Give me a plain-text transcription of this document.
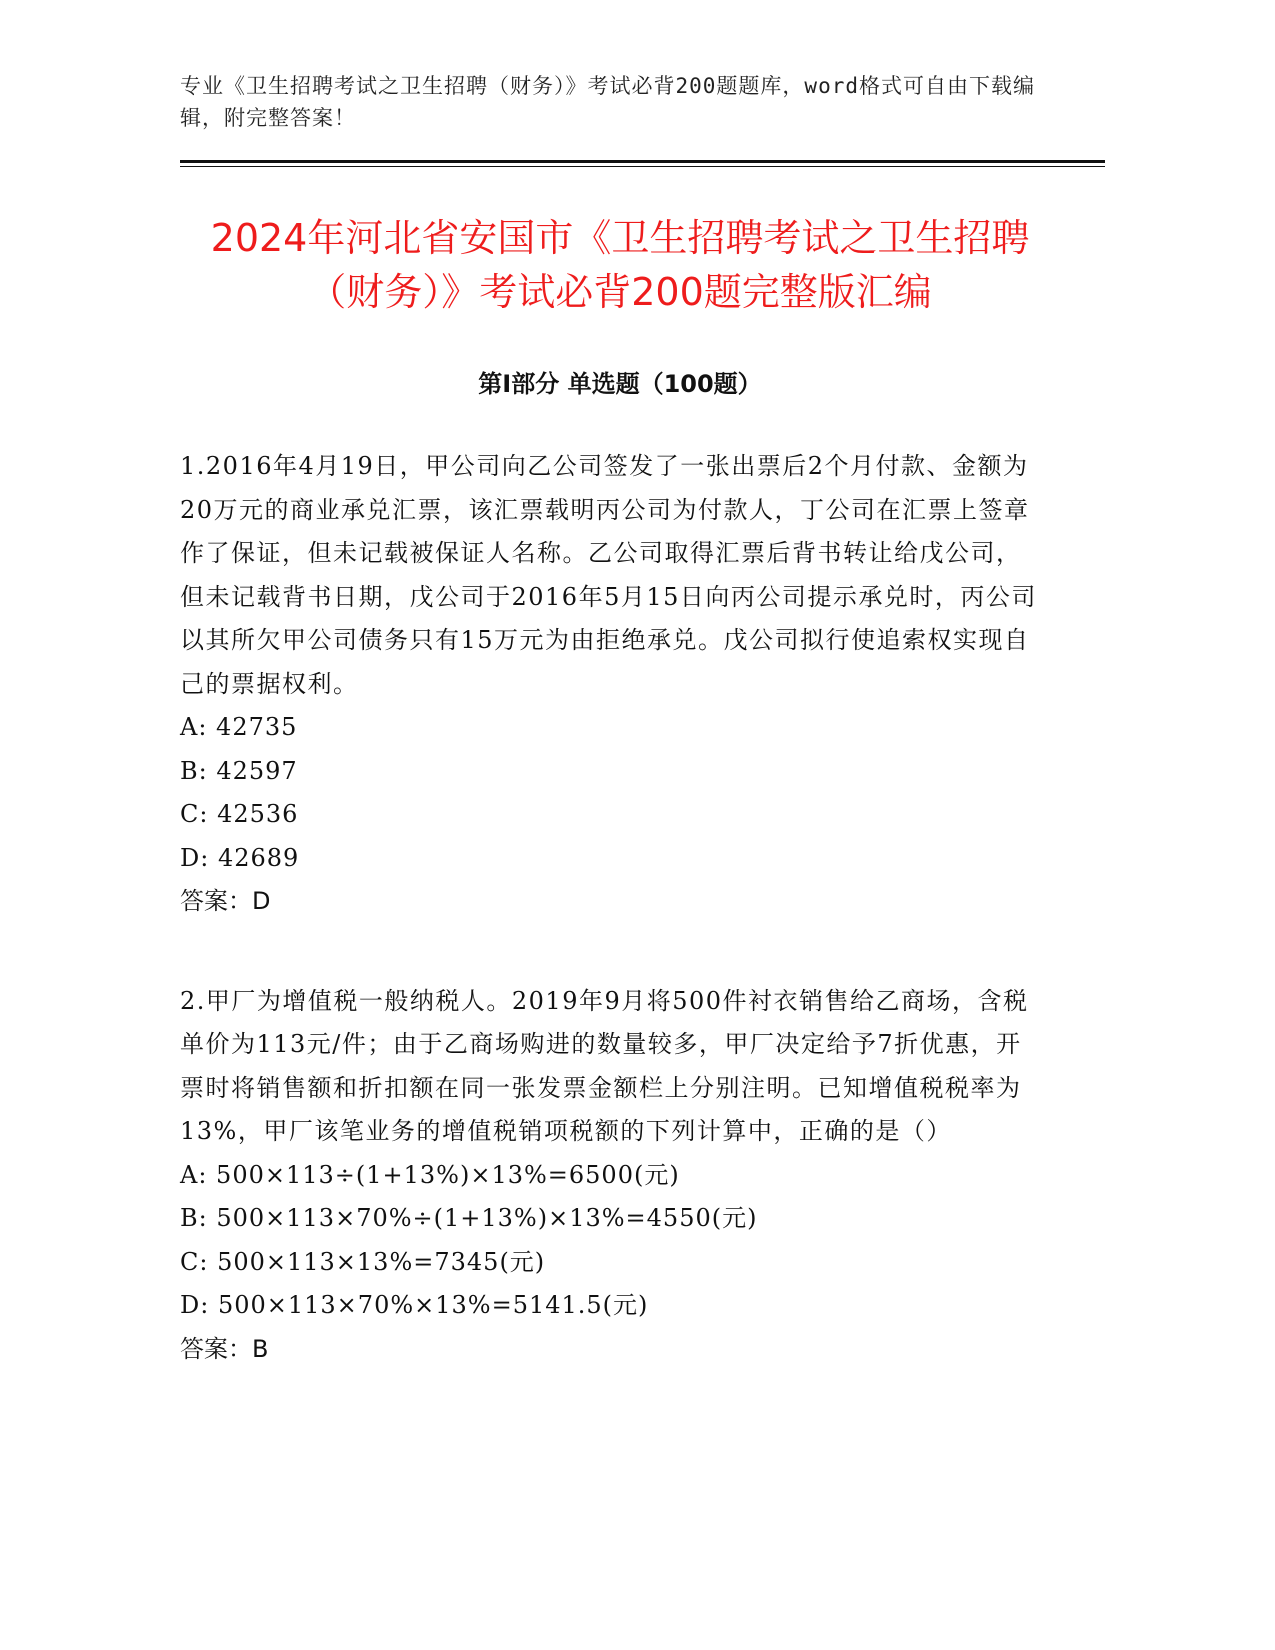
专业《卫生招聘考试之卫生招聘（财务）》考试必背200题题库，word格式可自由下载编辑，附完整答案！

2024年河北省安国市《卫生招聘考试之卫生招聘（财务）》考试必背200题完整版汇编
第Ⅰ部分 单选题（100题）

1.2016年4月19日，甲公司向乙公司签发了一张出票后2个月付款、金额为20万元的商业承兑汇票，该汇票载明丙公司为付款人，丁公司在汇票上签章作了保证，但未记载被保证人名称。乙公司取得汇票后背书转让给戊公司，但未记载背书日期，戊公司于2016年5月15日向丙公司提示承兑时，丙公司以其所欠甲公司债务只有15万元为由拒绝承兑。戊公司拟行使追索权实现自己的票据权利。

A: 42735

B: 42597

C: 42536

D: 42689

答案：D

2.甲厂为增值税一般纳税人。2019年9月将500件衬衣销售给乙商场，含税单价为113元/件；由于乙商场购进的数量较多，甲厂决定给予7折优惠，开票时将销售额和折扣额在同一张发票金额栏上分别注明。已知增值税税率为13%，甲厂该笔业务的增值税销项税额的下列计算中，正确的是（）

A: 500×113÷(1+13%)×13%=6500(元)

B: 500×113×70%÷(1+13%)×13%=4550(元)

C: 500×113×13%=7345(元)

D: 500×113×70%×13%=5141.5(元)

答案：B
